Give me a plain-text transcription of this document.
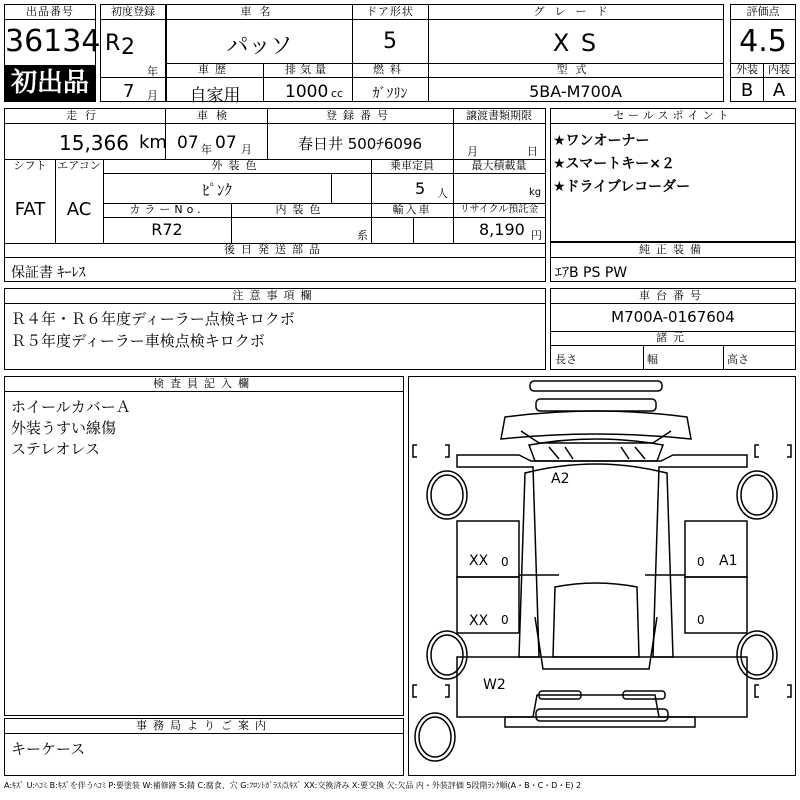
出品番号
36134
初出品
初度登録
R 2
年
7 月
車名
パッソ
ドア形状
5
グレード
X S
車歴
自家用
排気量
1000 cc
燃料
ｶﾞｿﾘﾝ
型式
5BA-M700A
評価点
4.5
外装 内装
B	A
走行
15,366 km
車検
07 年 07 月
登録番号
春日井 500ﾁ6096
譲渡書類期限
月	日
シフト
FAT
エアコン
AC
外装色
ﾋﾟﾝｸ
乗車定員
5 人
最大積載量
kg
カラーNo.
R72
内装色
系
輸入車	リサイクル預託金
8,190 円
後日発送部品
保証書 ｷｰﾚｽ
セールスポイント
★ワンオーナー
★スマートキー×２
★ドライブレコーダー
純正装備
ｴｱB PS PW
注意事項欄
Ｒ４年・Ｒ６年度ディーラー点検キロクボ
Ｒ５年度ディーラー車検点検キロクボ
車台番号
M700A-0167604
諸元
長さ	幅	高さ
検査員記入欄
ホイールカバーＡ
外装うすい線傷
ステレオレス
事務局よりご案内
キーケース
A2
XX 0
XX 0
0 A1
0
W2
A:ｷｽﾞ U:ﾍｺﾐ B:ｷｽﾞを伴うﾍｺﾐ P:要塗装 W:補修跡 S:錆 C:腐食、穴 G:ﾌﾛﾝﾄｶﾞﾗｽ点ｷｽﾞ XX:交換済み X:要交換 欠:欠品 内・外装評価 5段階ﾗﾝｸ順(A・B・C・D・E) 2
